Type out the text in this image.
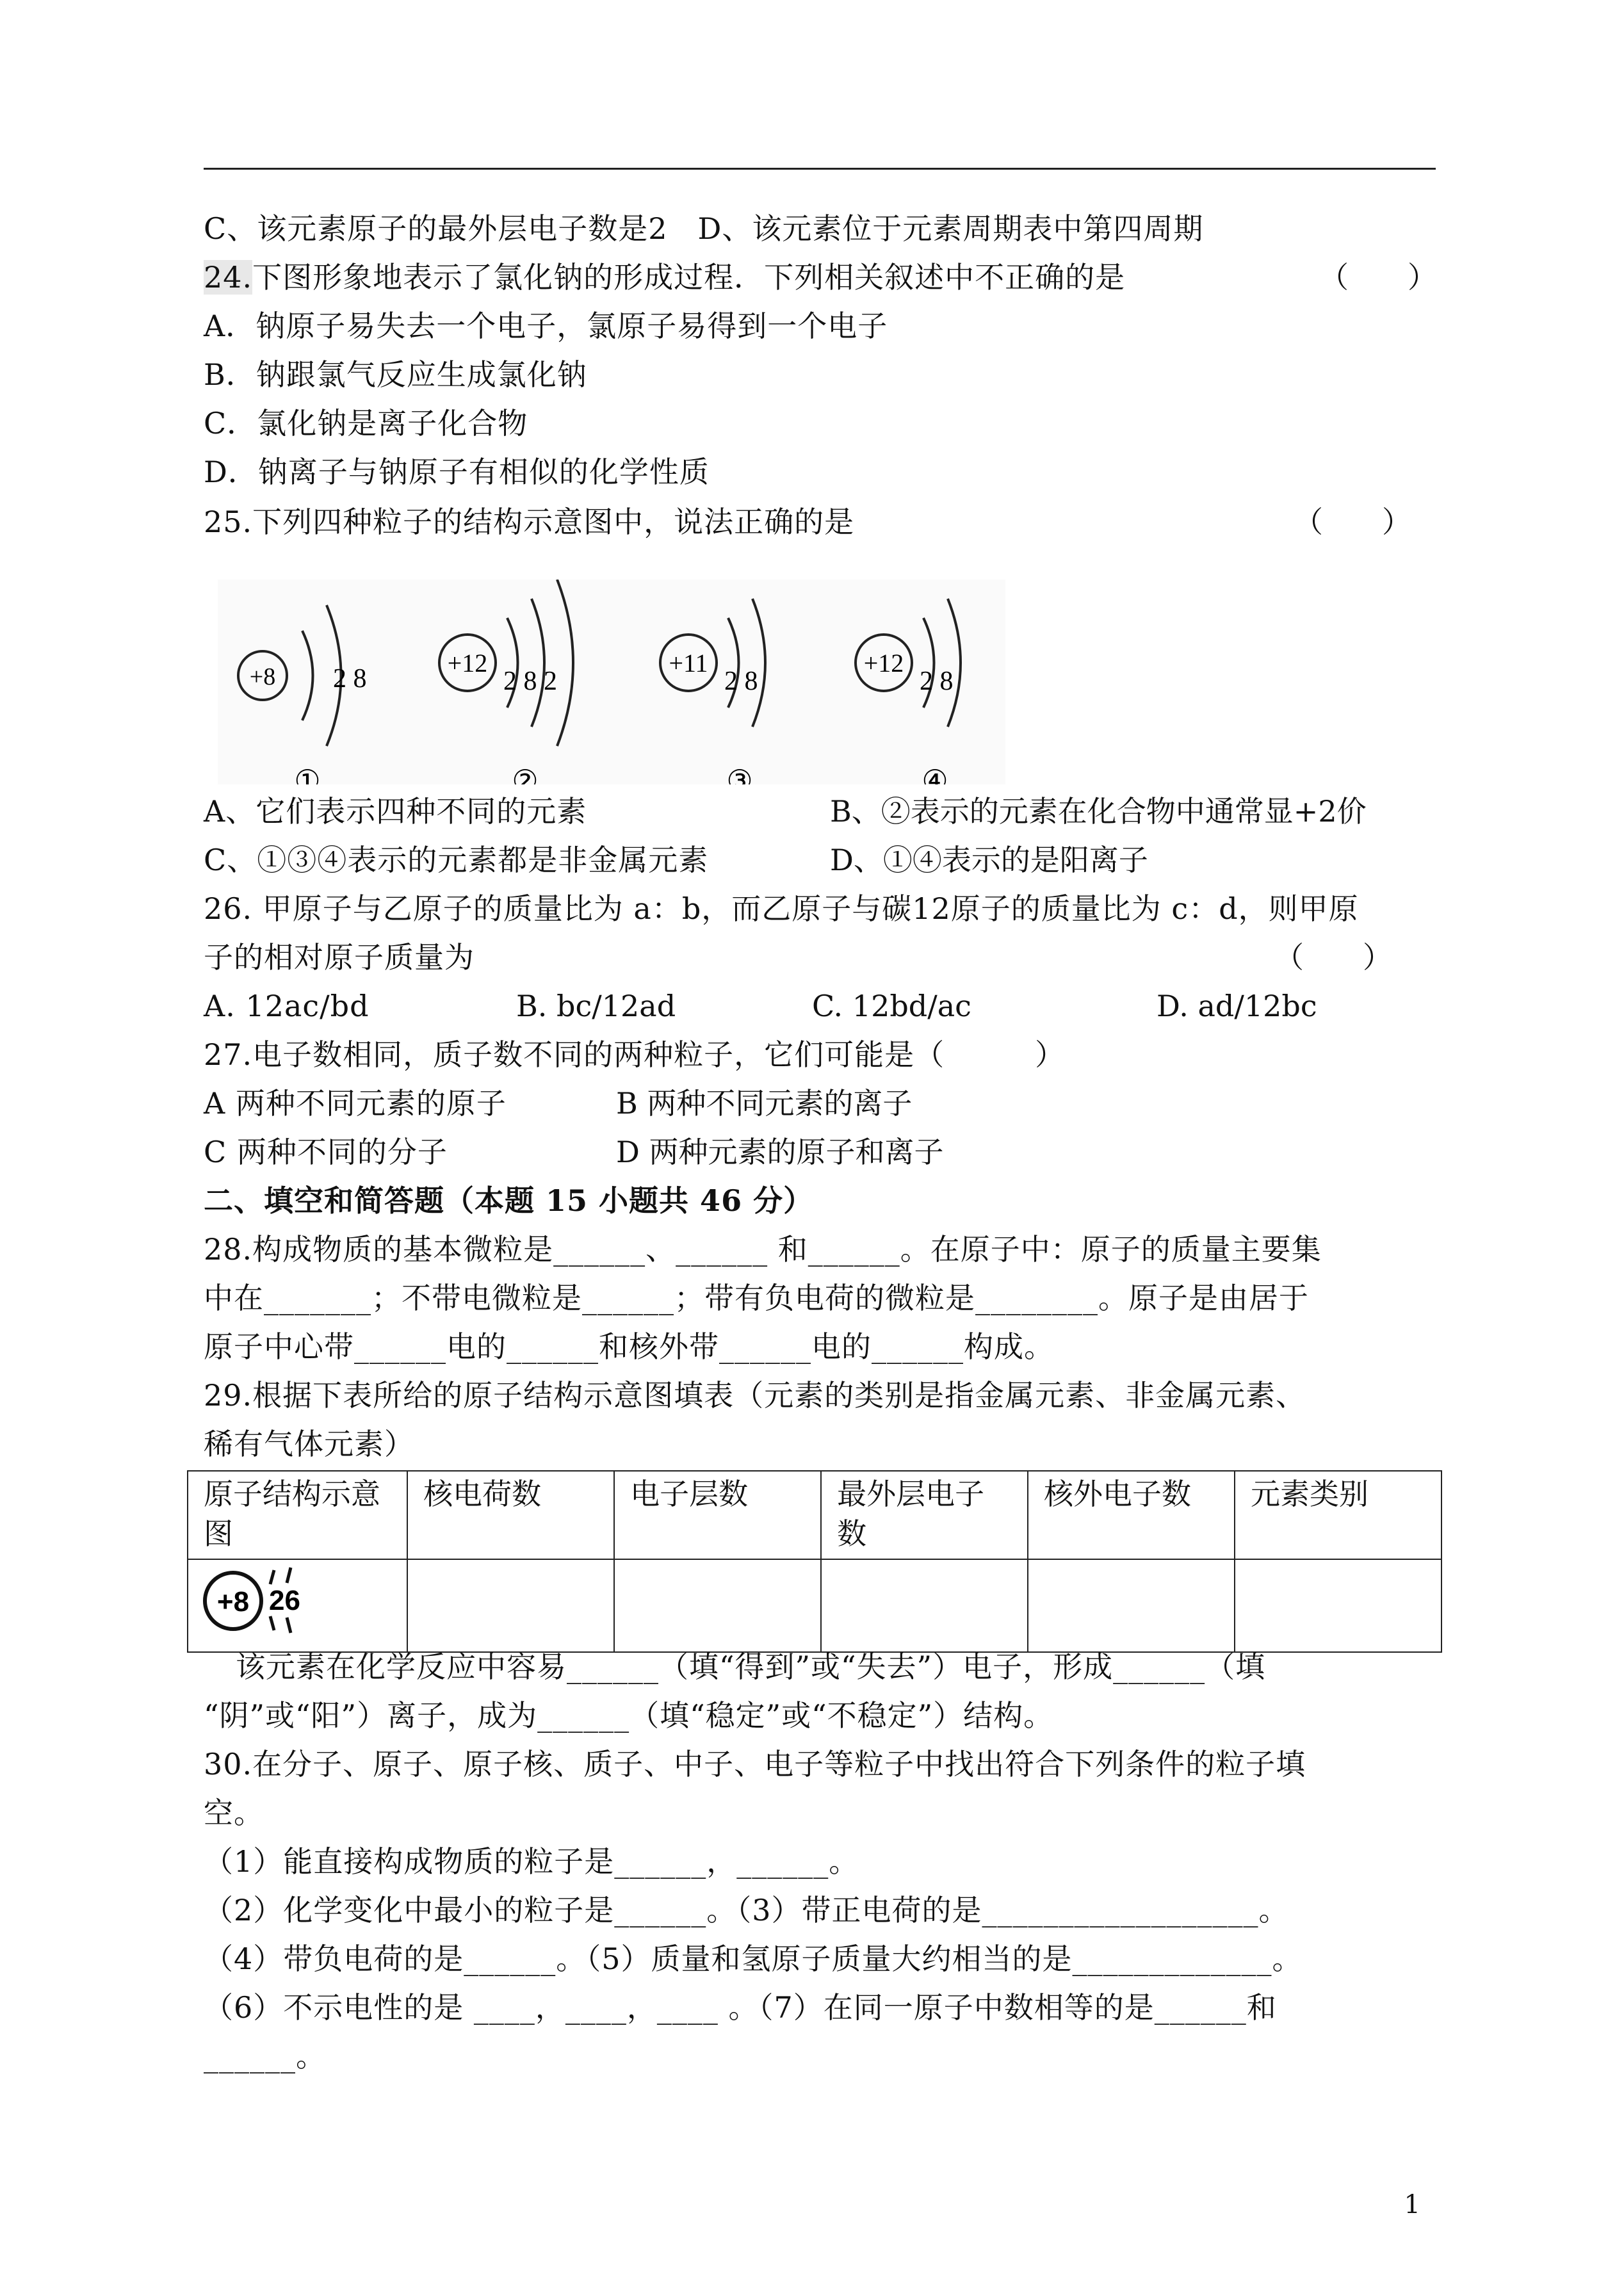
C、该元素原子的最外层电子数是2　D、该元素位于元素周期表中第四周期
24.下图形象地表示了氯化钠的形成过程．下列相关叙述中不正确的是	（　　）
A．钠原子易失去一个电子，氯原子易得到一个电子
B．钠跟氯气反应生成氯化钠
C．氯化钠是离子化合物
D．钠离子与钠原子有相似的化学性质
25.下列四种粒子的结构示意图中，说法正确的是	（　　）
+8 2 8
①
+12
2 8 2
②
+11
2 8
③
+12
2 8
④
A、它们表示四种不同的元素	B、②表示的元素在化合物中通常显+2价
C、①③④表示的元素都是非金属元素	D、①④表示的是阳离子
26. 甲原子与乙原子的质量比为 a：b，而乙原子与碳12原子的质量比为 c：d，则甲原
子的相对原子质量为	（　　）
A. 12ac/bd	B. bc/12ad	C. 12bd/ac	D. ad/12bc
27.电子数相同，质子数不同的两种粒子，它们可能是（　　　）
A 两种不同元素的原子	B 两种不同元素的离子
C 两种不同的分子	D 两种元素的原子和离子
二、填空和简答题（本题 15 小题共 46 分）
28.构成物质的基本微粒是______、______ 和______。在原子中：原子的质量主要集
中在_______；不带电微粒是______；带有负电荷的微粒是________。原子是由居于
原子中心带______电的______和核外带______电的______构成。
29.根据下表所给的原子结构示意图填表（元素的类别是指金属元素、非金属元素、
稀有气体元素）
原子结构示意图	核电荷数	电子层数	最外层电子数	核外电子数	元素类别

+8 26					

该元素在化学反应中容易______（填“得到”或“失去”）电子，形成______（填
“阴”或“阳”）离子，成为______（填“稳定”或“不稳定”）结构。
30.在分子、原子、原子核、质子、中子、电子等粒子中找出符合下列条件的粒子填
空。
（1）能直接构成物质的粒子是______，______。
（2）化学变化中最小的粒子是______。（3）带正电荷的是__________________。
（4）带负电荷的是______。（5）质量和氢原子质量大约相当的是_____________。
（6）不示电性的是 ____，____，____ 。（7）在同一原子中数相等的是______和
______。
1
